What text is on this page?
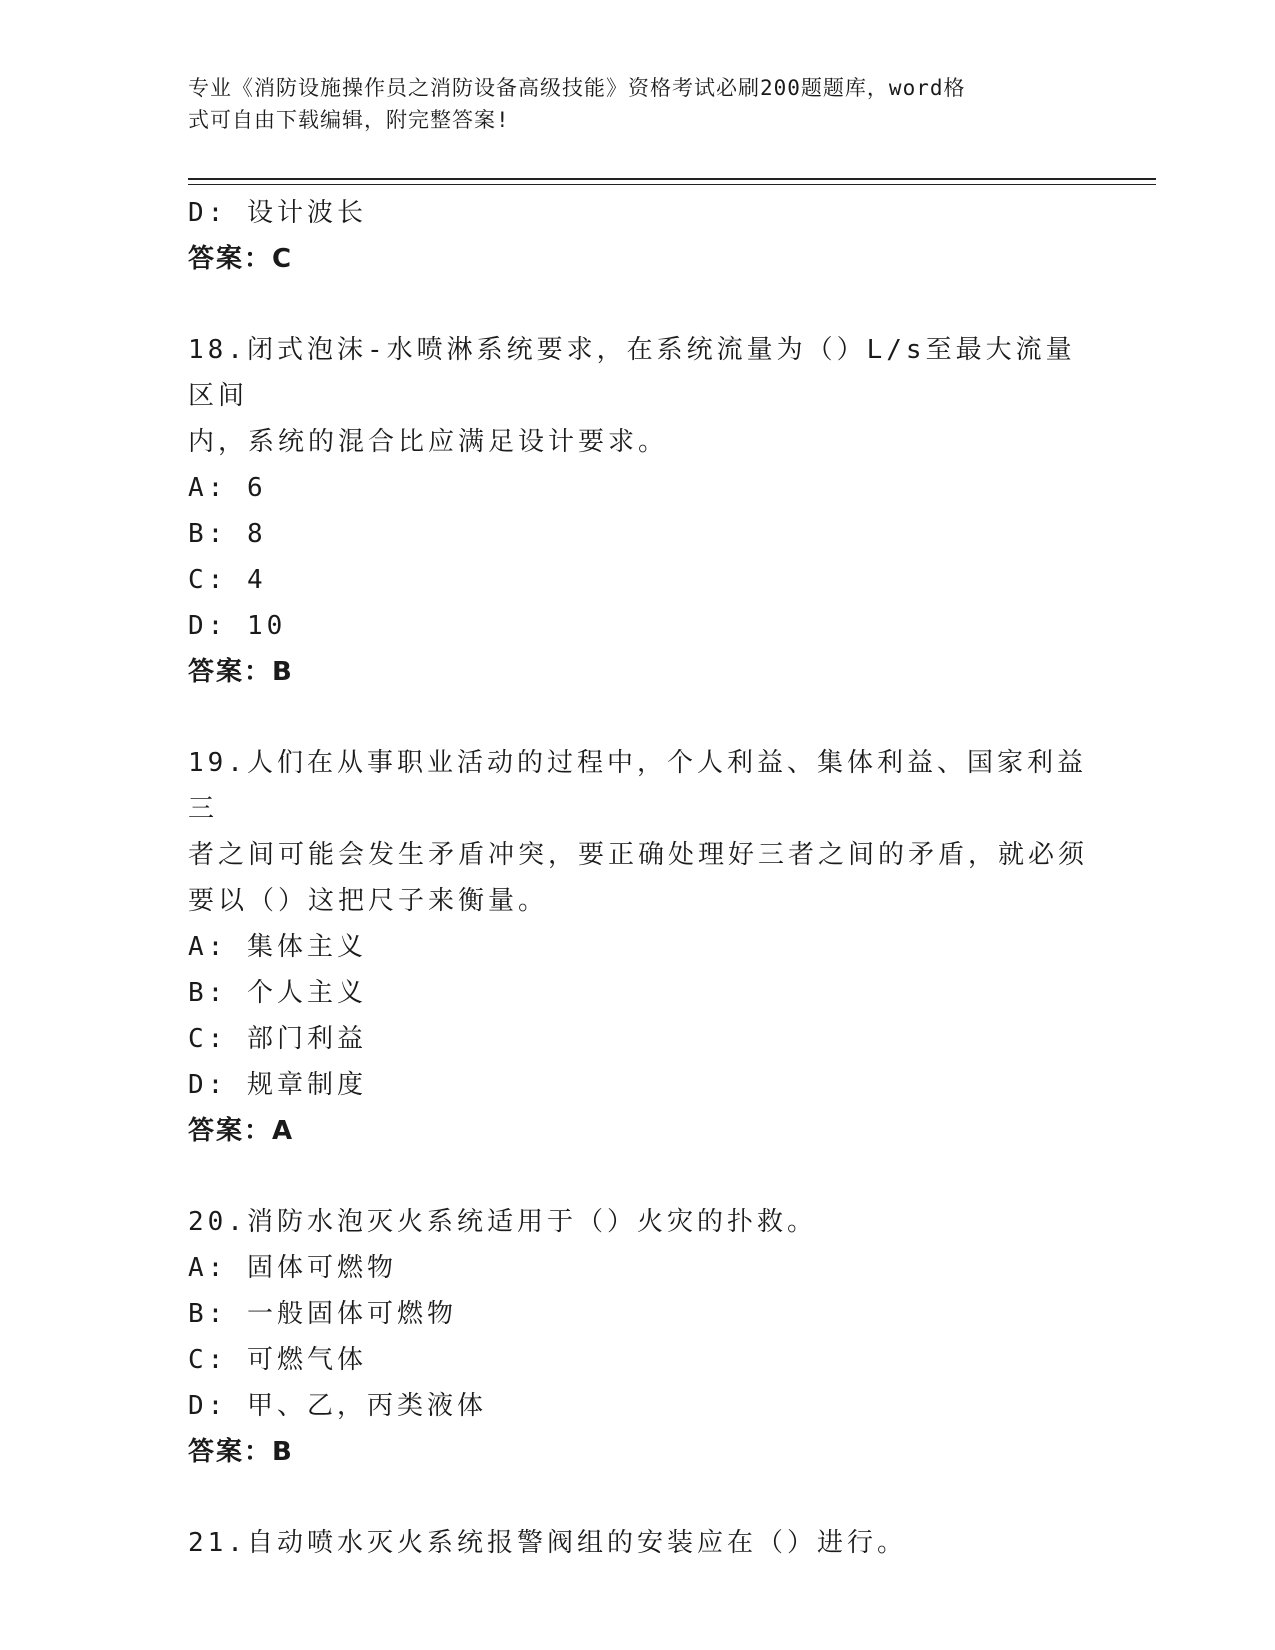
专业《消防设施操作员之消防设备高级技能》资格考试必刷200题题库，word格
式可自由下载编辑，附完整答案!
D: 设计波长
答案：C
18.闭式泡沫-水喷淋系统要求，在系统流量为（）L/s至最大流量区间
内，系统的混合比应满足设计要求。
A: 6
B: 8
C: 4
D: 10
答案：B
19.人们在从事职业活动的过程中，个人利益、集体利益、国家利益三
者之间可能会发生矛盾冲突，要正确处理好三者之间的矛盾，就必须
要以（）这把尺子来衡量。
A: 集体主义
B: 个人主义
C: 部门利益
D: 规章制度
答案：A
20.消防水泡灭火系统适用于（）火灾的扑救。
A: 固体可燃物
B: 一般固体可燃物
C: 可燃气体
D: 甲、乙，丙类液体
答案：B
21.自动喷水灭火系统报警阀组的安装应在（）进行。
